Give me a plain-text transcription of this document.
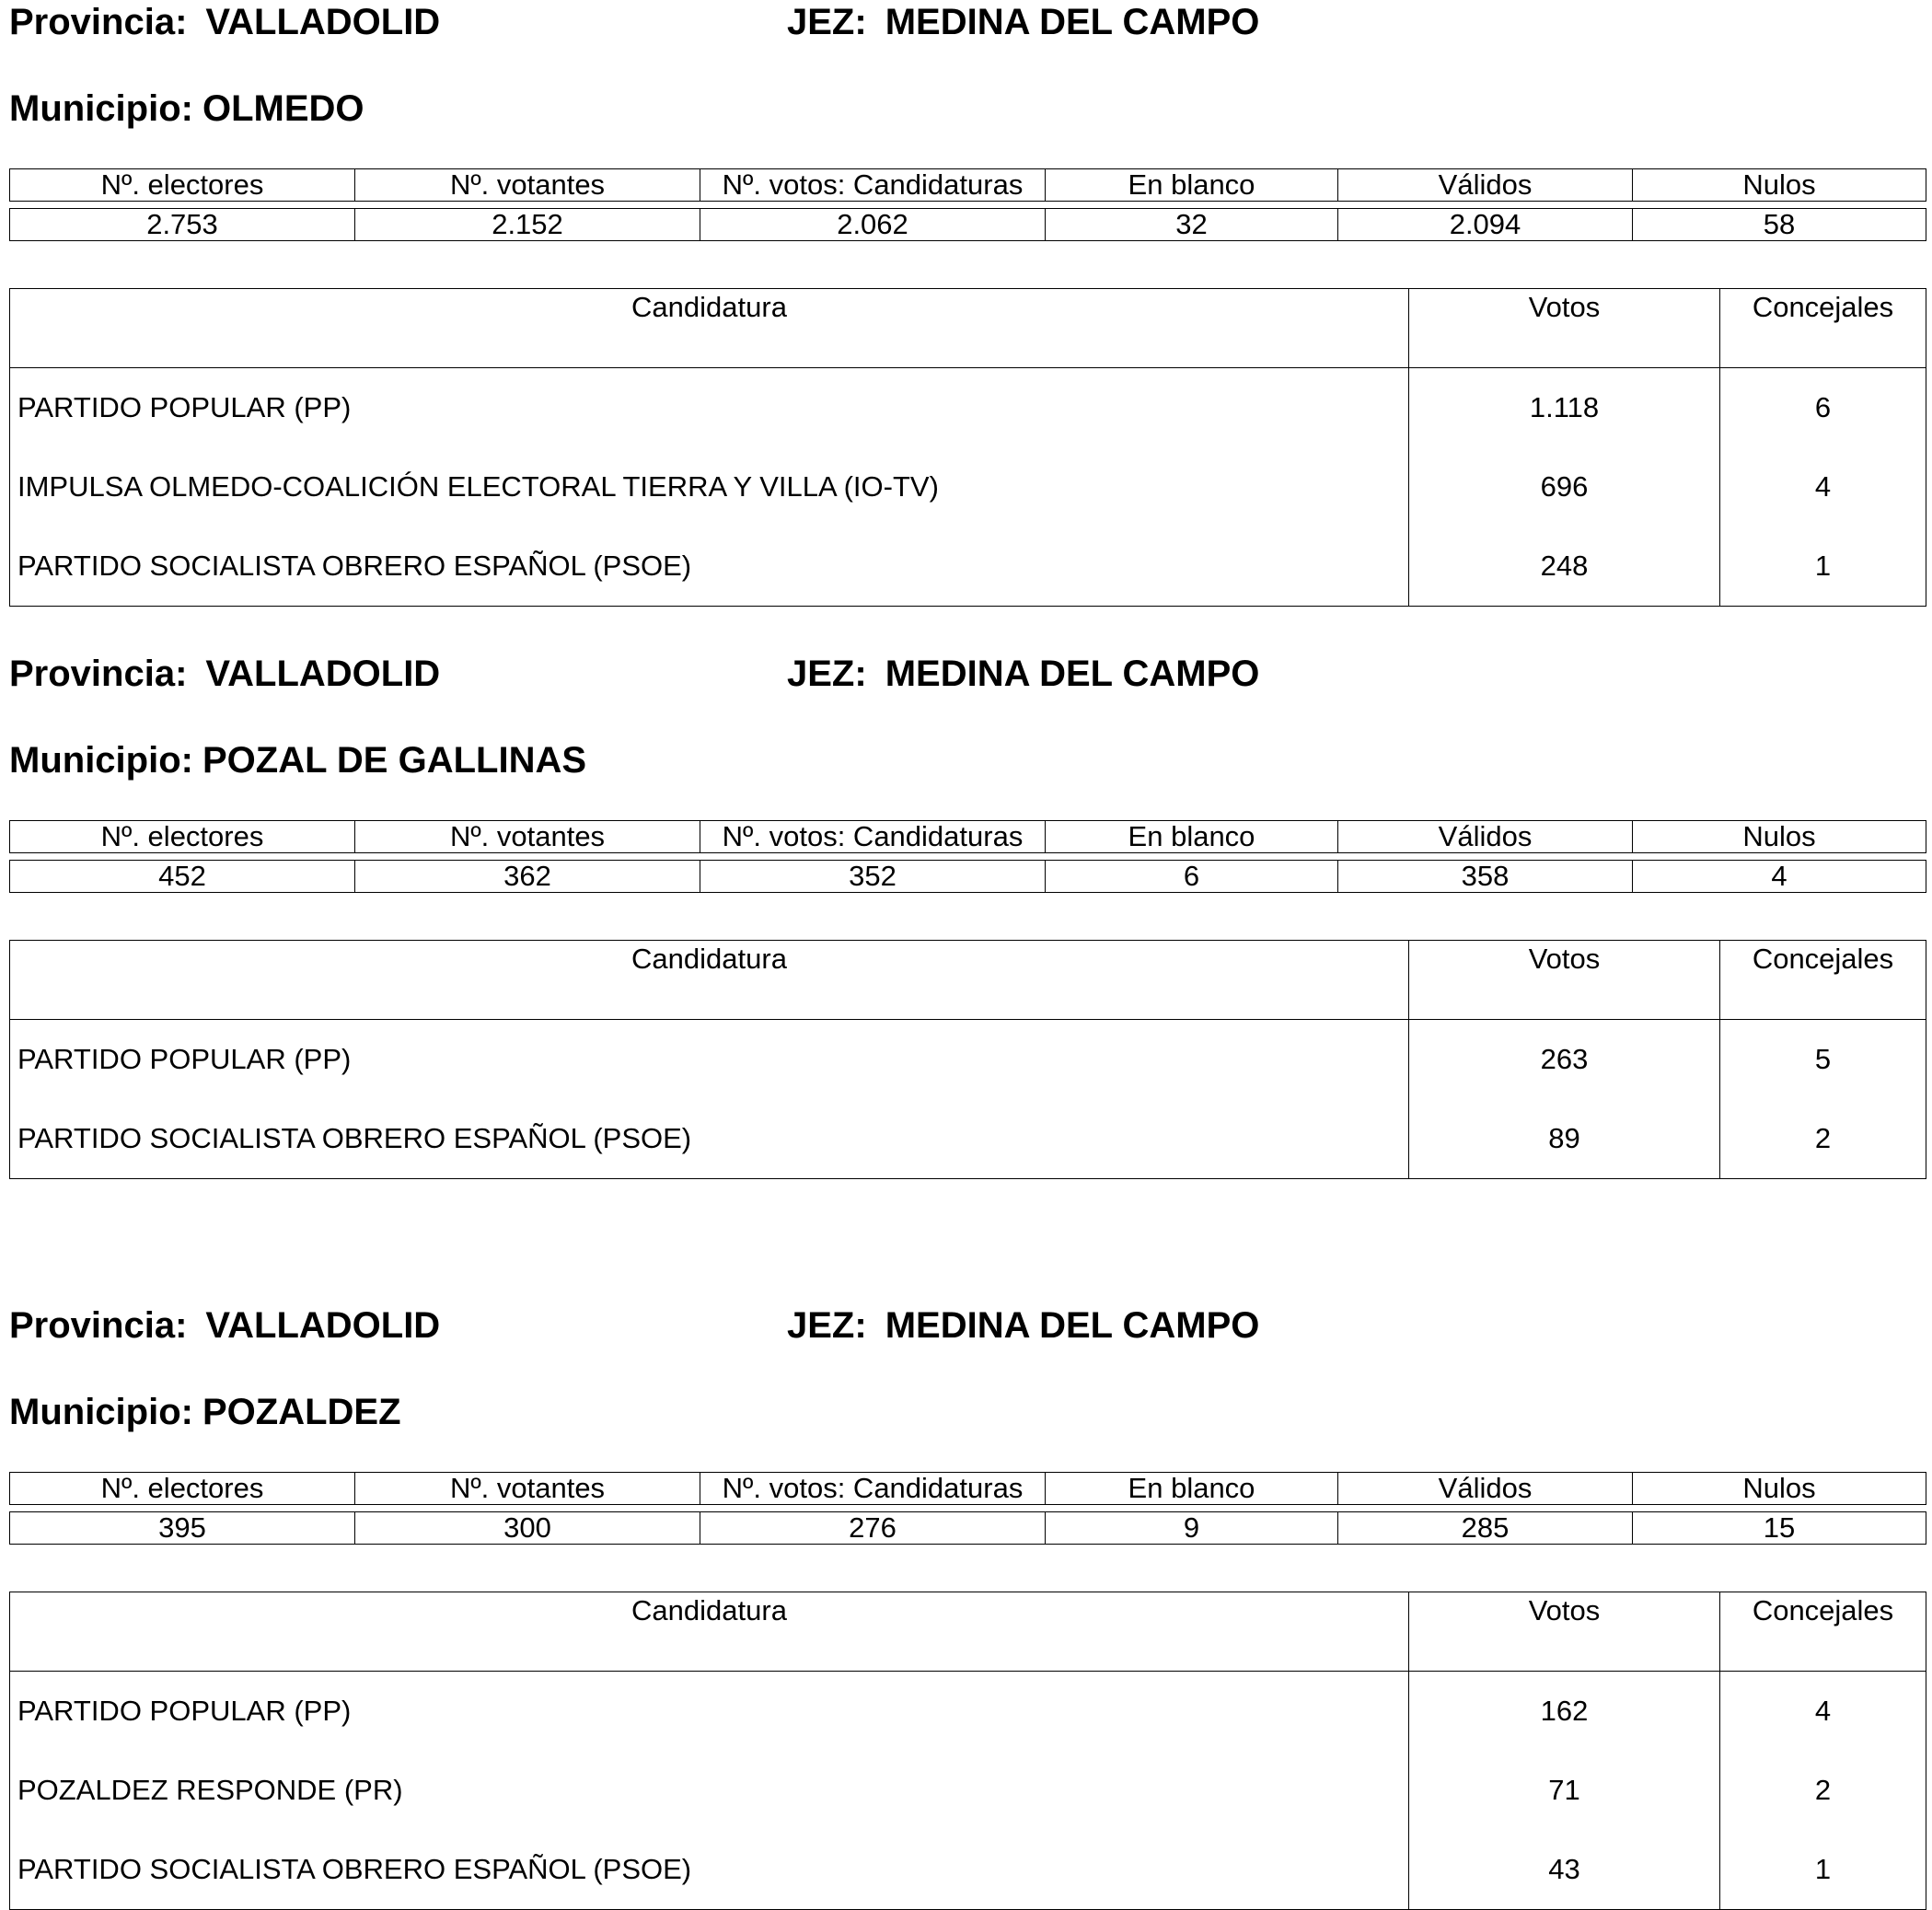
Provincia: VALLADOLID	JEZ: MEDINA DEL CAMPO
Municipio: OLMEDO
Nº. electores	Nº. votantes	Nº. votos: Candidaturas	En blanco	Válidos	Nulos
2.753	2.152	2.062	32	2.094	58
Candidatura	Votos	Concejales
PARTIDO POPULAR (PP)	1.118	6
IMPULSA OLMEDO-COALICIÓN ELECTORAL TIERRA Y VILLA (IO-TV)	696	4
PARTIDO SOCIALISTA OBRERO ESPAÑOL (PSOE)	248	1
Provincia: VALLADOLID	JEZ: MEDINA DEL CAMPO
Municipio: POZAL DE GALLINAS
Nº. electores	Nº. votantes	Nº. votos: Candidaturas	En blanco	Válidos	Nulos
452	362	352	6	358	4
Candidatura	Votos	Concejales
PARTIDO POPULAR (PP)	263	5
PARTIDO SOCIALISTA OBRERO ESPAÑOL (PSOE)	89	2
Provincia: VALLADOLID	JEZ: MEDINA DEL CAMPO
Municipio: POZALDEZ
Nº. electores	Nº. votantes	Nº. votos: Candidaturas	En blanco	Válidos	Nulos
395	300	276	9	285	15
Candidatura	Votos	Concejales
PARTIDO POPULAR (PP)	162	4
POZALDEZ RESPONDE (PR)	71	2
PARTIDO SOCIALISTA OBRERO ESPAÑOL (PSOE)	43	1
